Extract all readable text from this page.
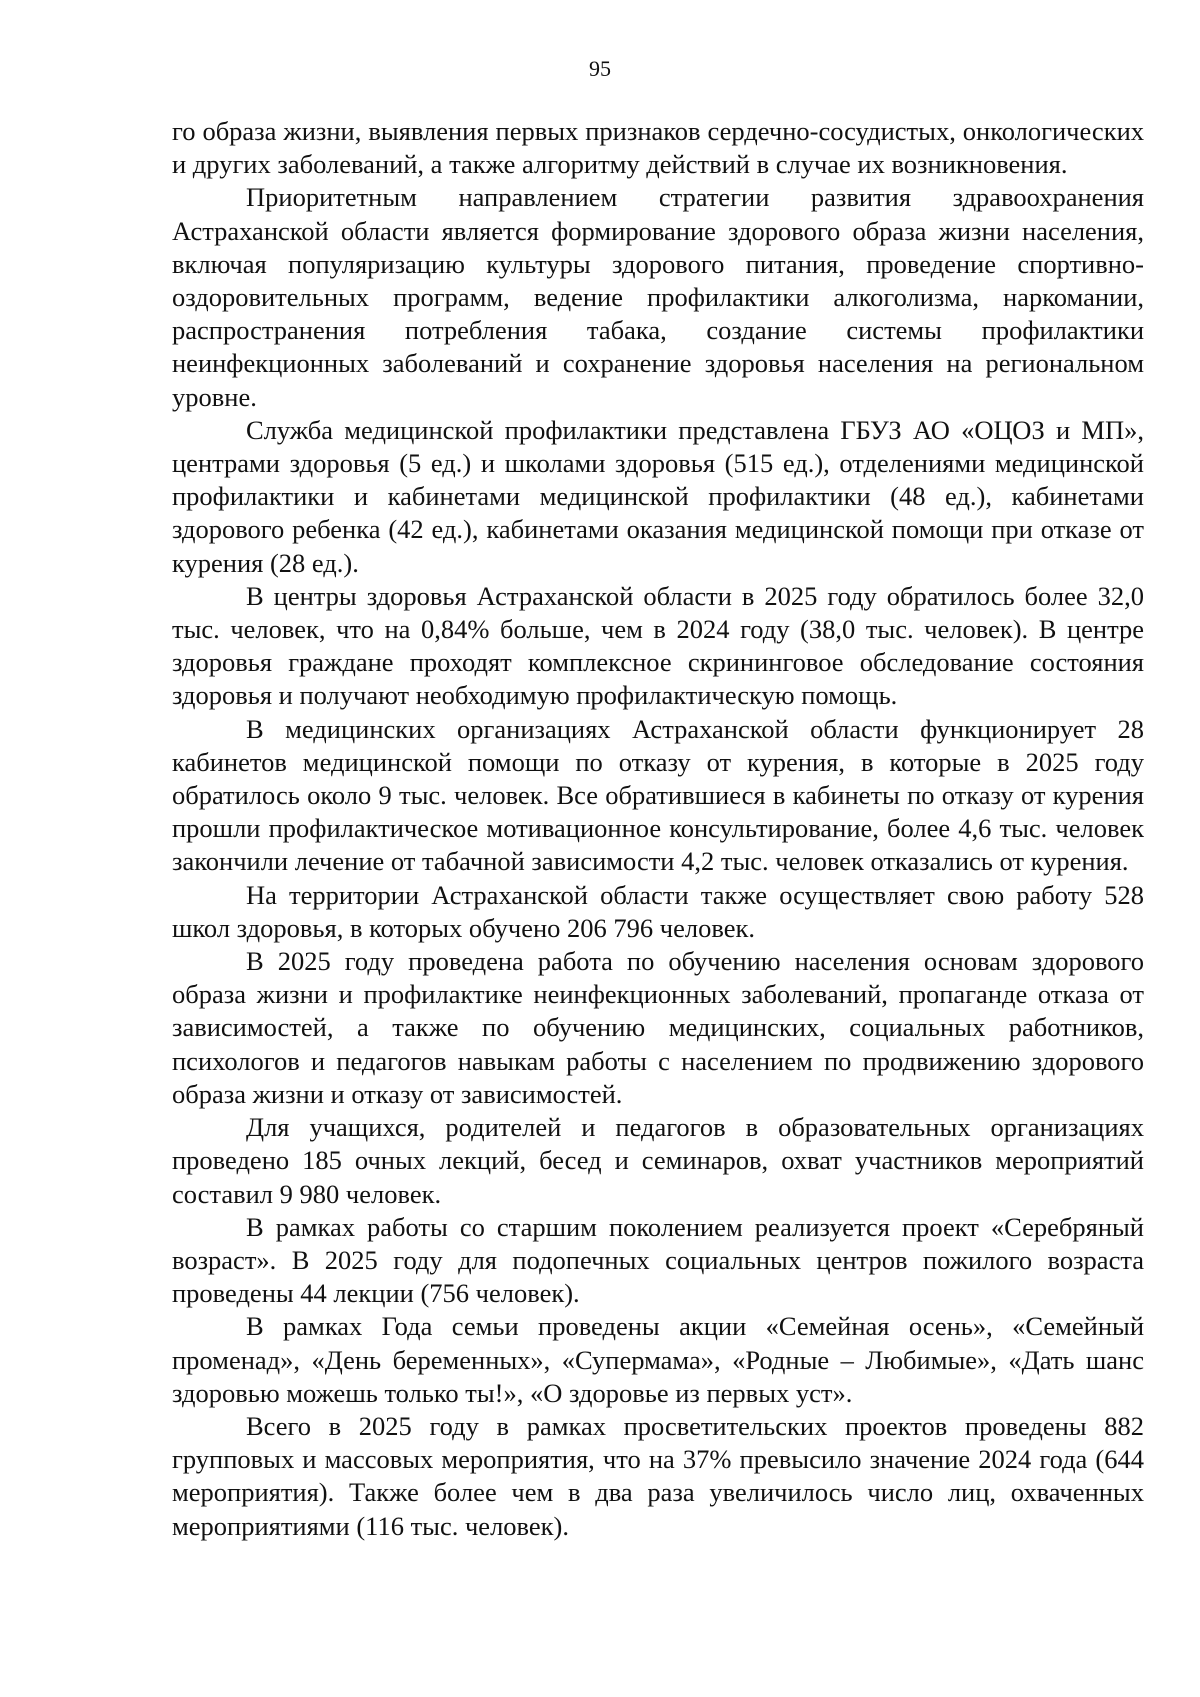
95

го образа жизни, выявления первых признаков сердечно-сосудистых, онкологических и других заболеваний, а также алгоритму действий в случае их возникновения.

Приоритетным направлением стратегии развития здравоохранения Астраханской области является формирование здорового образа жизни населения, включая популяризацию культуры здорового питания, проведение спортивно-оздоровительных программ, ведение профилактики алкоголизма, наркомании, распространения потребления табака, создание системы профилактики неинфекционных заболеваний и сохранение здоровья населения на региональном уровне.

Служба медицинской профилактики представлена ГБУЗ АО «ОЦОЗ и МП», центрами здоровья (5 ед.) и школами здоровья (515 ед.), отделениями медицинской профилактики и кабинетами медицинской профилактики (48 ед.), кабинетами здорового ребенка (42 ед.), кабинетами оказания медицинской помощи при отказе от курения (28 ед.).

В центры здоровья Астраханской области в 2025 году обратилось более 32,0 тыс. человек, что на 0,84% больше, чем в 2024 году (38,0 тыс. человек). В центре здоровья граждане проходят комплексное скрининговое обследование состояния здоровья и получают необходимую профилактическую помощь.

В медицинских организациях Астраханской области функционирует 28 кабинетов медицинской помощи по отказу от курения, в которые в 2025 году обратилось около 9 тыс. человек. Все обратившиеся в кабинеты по отказу от курения прошли профилактическое мотивационное консультирование, более 4,6 тыс. человек закончили лечение от табачной зависимости 4,2 тыс. человек отказались от курения.

На территории Астраханской области также осуществляет свою работу 528 школ здоровья, в которых обучено 206 796 человек.

В 2025 году проведена работа по обучению населения основам здорового образа жизни и профилактике неинфекционных заболеваний, пропаганде отказа от зависимостей, а также по обучению медицинских, социальных работников, психологов и педагогов навыкам работы с населением по продвижению здорового образа жизни и отказу от зависимостей.

Для учащихся, родителей и педагогов в образовательных организациях проведено 185 очных лекций, бесед и семинаров, охват участников мероприятий составил 9 980 человек.

В рамках работы со старшим поколением реализуется проект «Серебряный возраст». В 2025 году для подопечных социальных центров пожилого возраста проведены 44 лекции (756 человек).

В рамках Года семьи проведены акции «Семейная осень», «Семейный променад», «День беременных», «Супермама», «Родные – Любимые», «Дать шанс здоровью можешь только ты!», «О здоровье из первых уст».

Всего в 2025 году в рамках просветительских проектов проведены 882 групповых и массовых мероприятия, что на 37% превысило значение 2024 года (644 мероприятия). Также более чем в два раза увеличилось число лиц, охваченных мероприятиями (116 тыс. человек).
